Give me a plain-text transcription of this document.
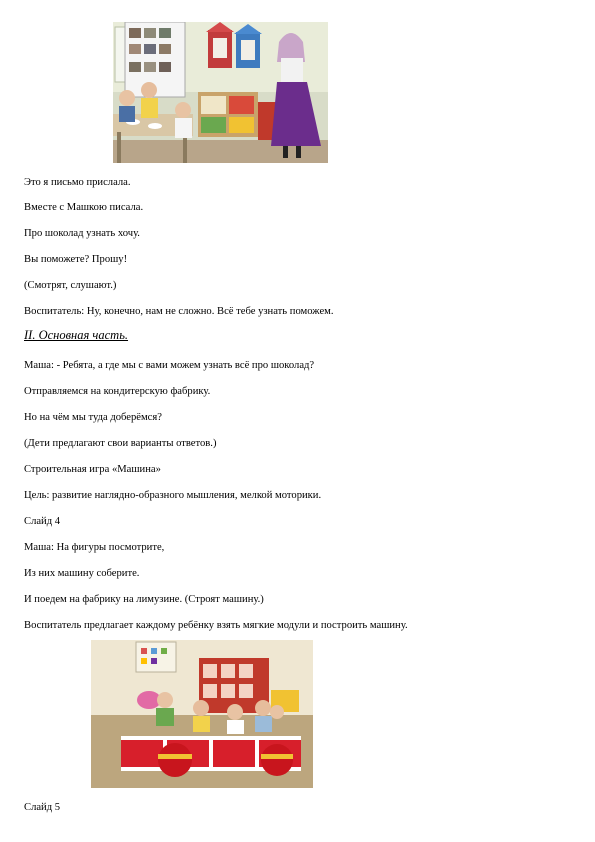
Это я письмо прислала.
Вместе с Машкою писала.
Про шоколад узнать хочу.
Вы поможете? Прошу!
(Смотрят, слушают.)
Воспитатель: Ну, конечно, нам не сложно. Всё тебе узнать поможем.
II. Основная часть.
Маша: - Ребята, а где мы с вами можем узнать всё про шоколад?
Отправляемся на кондитерскую фабрику.
Но на чём мы туда доберёмся?
(Дети предлагают свои варианты ответов.)
Строительная игра «Машина»
Цель: развитие наглядно-образного мышления, мелкой моторики.
Слайд 4
Маша: На фигуры посмотрите,
Из них машину соберите.
И поедем на фабрику на лимузине. (Строят машину.)
Воспитатель предлагает каждому ребёнку взять мягкие модули и построить машину.
Слайд 5
